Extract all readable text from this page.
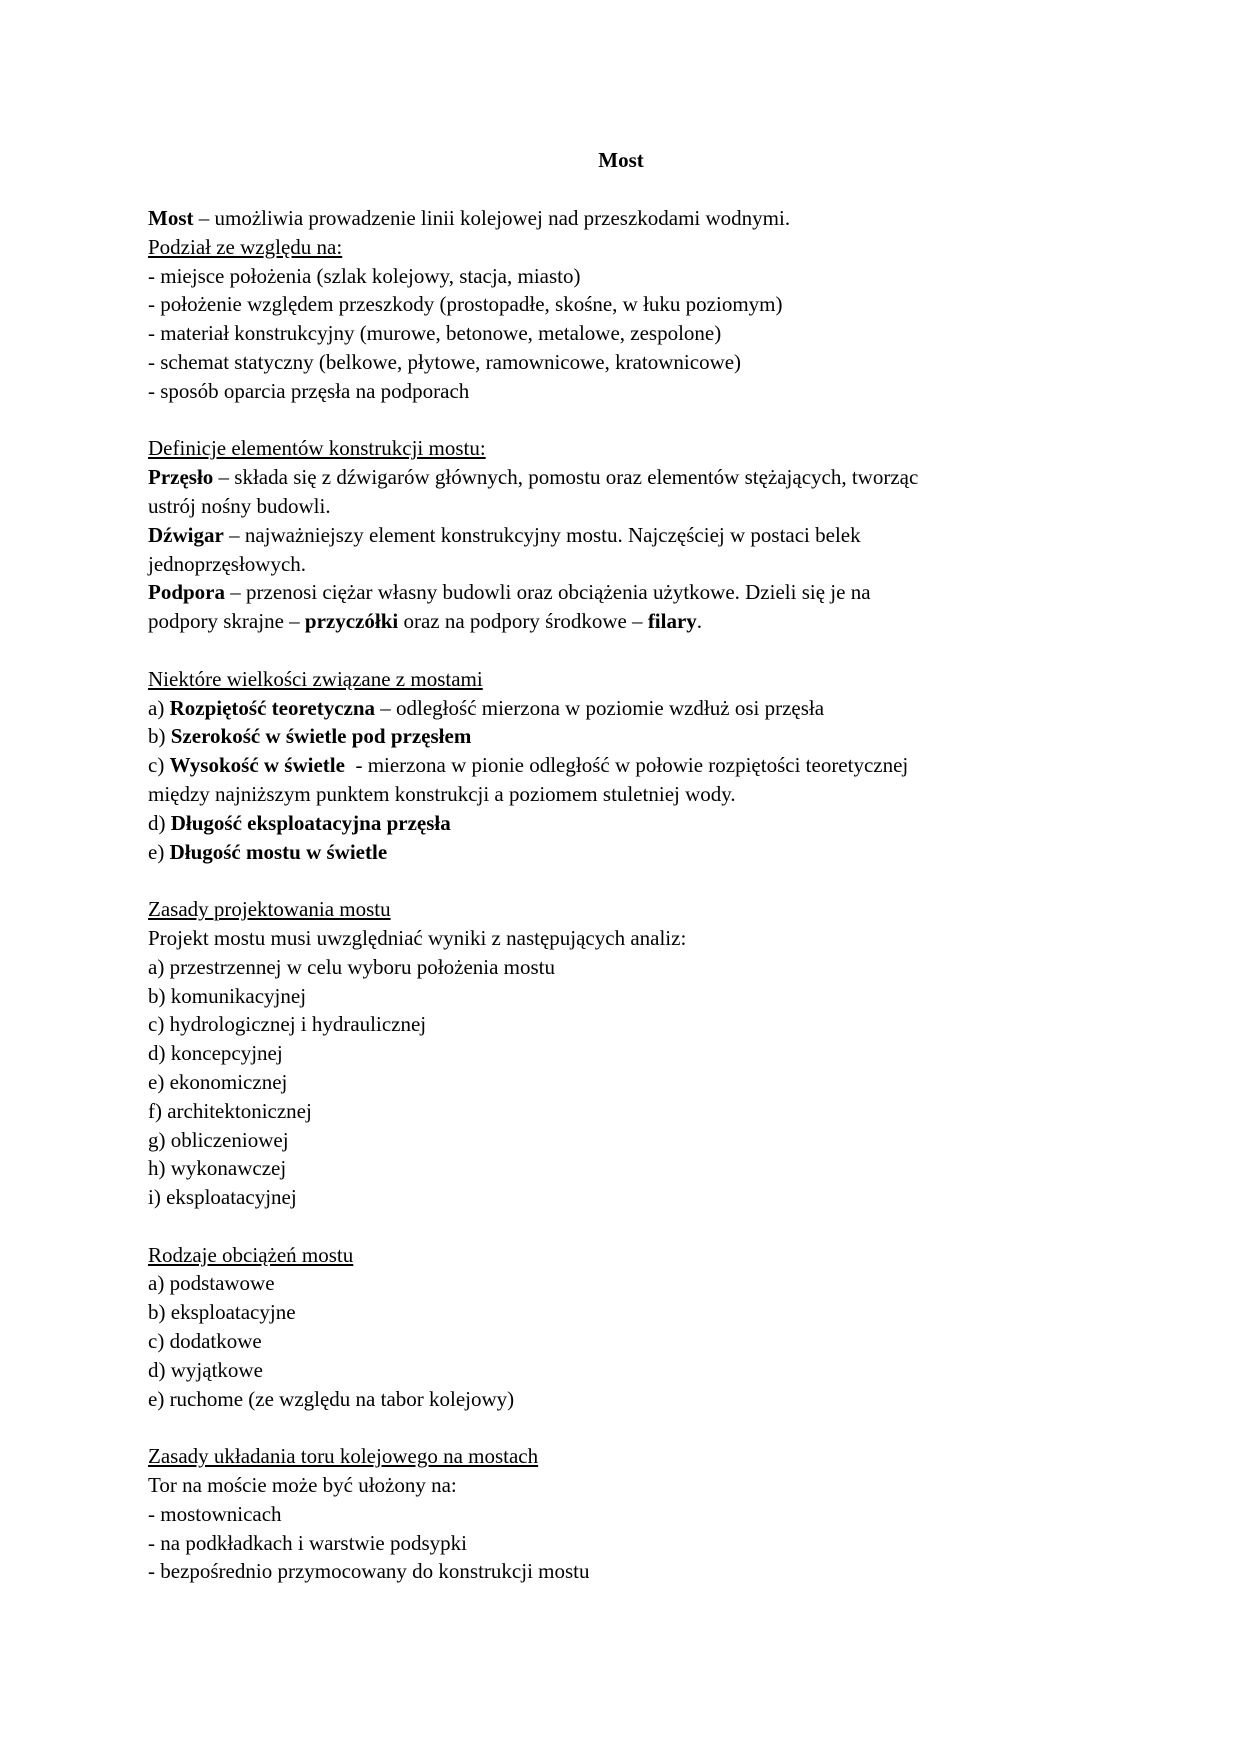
Most

Most – umożliwia prowadzenie linii kolejowej nad przeszkodami wodnymi.

Podział ze względu na:

- miejsce położenia (szlak kolejowy, stacja, miasto)

- położenie względem przeszkody (prostopadłe, skośne, w łuku poziomym)

- materiał konstrukcyjny (murowe, betonowe, metalowe, zespolone)

- schemat statyczny (belkowe, płytowe, ramownicowe, kratownicowe)

- sposób oparcia przęsła na podporach

Definicje elementów konstrukcji mostu:

Przęsło – składa się z dźwigarów głównych, pomostu oraz elementów stężających, tworząc

ustrój nośny budowli.

Dźwigar – najważniejszy element konstrukcyjny mostu. Najczęściej w postaci belek

jednoprzęsłowych.

Podpora – przenosi ciężar własny budowli oraz obciążenia użytkowe. Dzieli się je na

podpory skrajne – przyczółki oraz na podpory środkowe – filary.

Niektóre wielkości związane z mostami

a) Rozpiętość teoretyczna – odległość mierzona w poziomie wzdłuż osi przęsła

b) Szerokość w świetle pod przęsłem

c) Wysokość w świetle  - mierzona w pionie odległość w połowie rozpiętości teoretycznej

między najniższym punktem konstrukcji a poziomem stuletniej wody.

d) Długość eksploatacyjna przęsła

e) Długość mostu w świetle

Zasady projektowania mostu

Projekt mostu musi uwzględniać wyniki z następujących analiz:

a) przestrzennej w celu wyboru położenia mostu

b) komunikacyjnej

c) hydrologicznej i hydraulicznej

d) koncepcyjnej

e) ekonomicznej

f) architektonicznej

g) obliczeniowej

h) wykonawczej

i) eksploatacyjnej

Rodzaje obciążeń mostu

a) podstawowe

b) eksploatacyjne

c) dodatkowe

d) wyjątkowe

e) ruchome (ze względu na tabor kolejowy)

Zasady układania toru kolejowego na mostach

Tor na moście może być ułożony na:

- mostownicach

- na podkładkach i warstwie podsypki

- bezpośrednio przymocowany do konstrukcji mostu
